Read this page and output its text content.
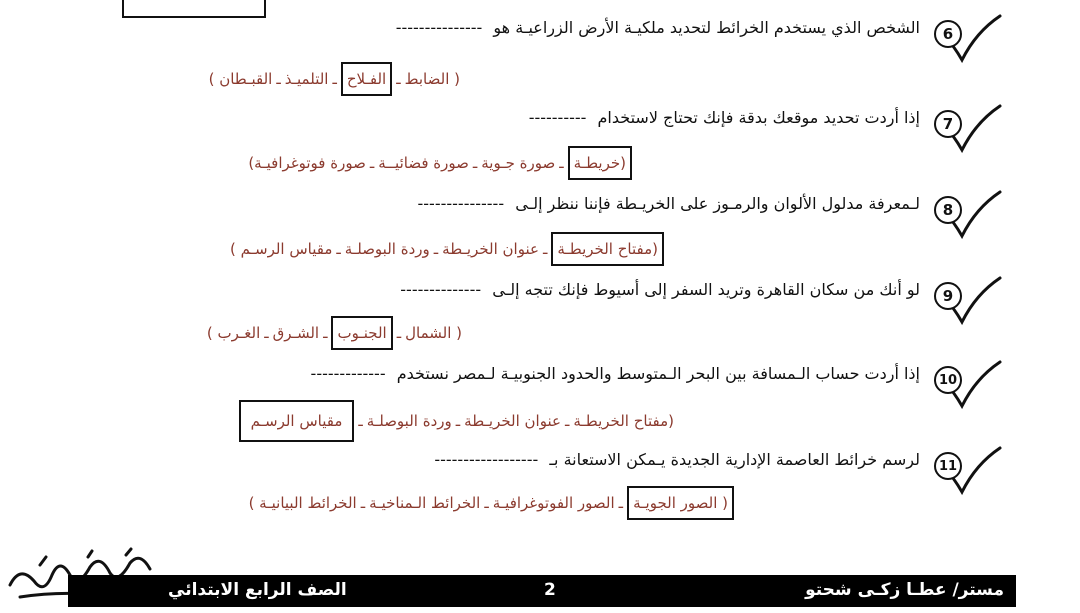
6
الشخص الذي يستخدم الخرائط لتحديد ملكيـة الأرض الزراعيـة هو ---------------
( الضابطـالفـلاحـالتلميـذـالقبـطان )
7
إذا أردت تحديد موقعك بدقة فإنك تحتاج لاستخدام ----------
(خريطـةـصورة جـويةـصورة فضائيــةـصورة فوتوغرافيـة)
8
لـمعرفة مدلول الألوان والرمـوز على الخريـطة فإننا ننظر إلـى ---------------
(مفتاح الخريطـةـعنوان الخريـطةـوردة البوصلـةـمقياس الرسـم )
9
لو أنك من سكان القاهرة وتريد السفر إلى أسيوط فإنك تتجه إلـى --------------
( الشمالـالجنـوبـالشـرقـالغـرب )
10
إذا أردت حساب الـمسافة بين البحر الـمتوسط والحدود الجنوبيـة لـمصر نستخدم -------------
(مفتاح الخريطـةـعنوان الخريـطةـوردة البوصلـةـمقياس الرسـم
11
لرسم خرائط العاصمة الإدارية الجديدة يـمكن الاستعانة بـ ------------------
( الصور الجويـةـالصور الفوتوغرافيـةـالخرائط الـمناخيـةـالخرائط البيانيـة )
مستر/ عطـا زكـى شحتو
2
الصف الرابع الابتدائي
